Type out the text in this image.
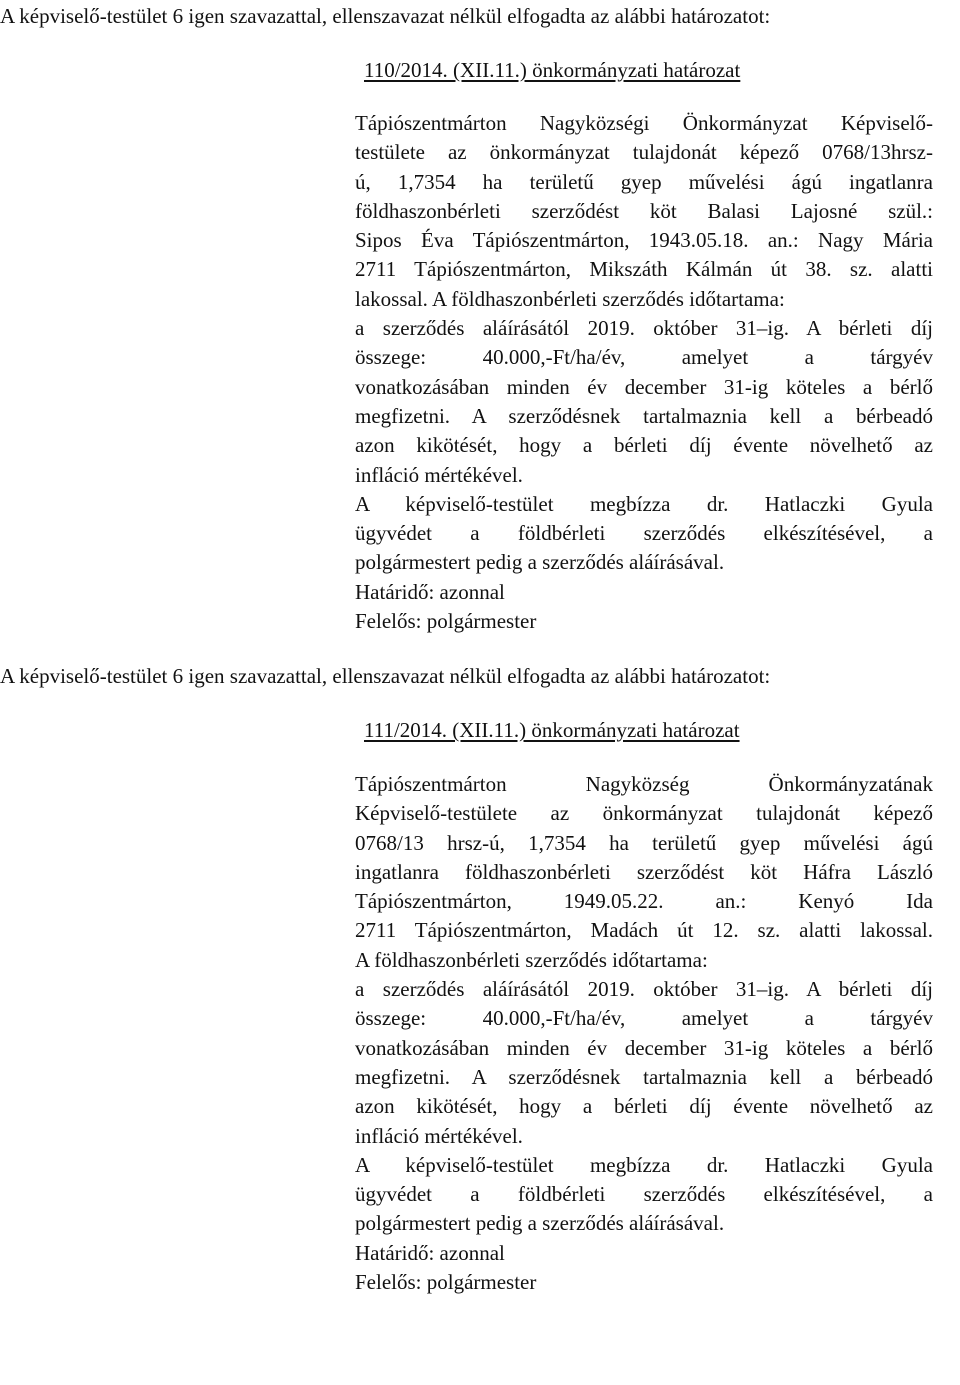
A képviselő-testület 6 igen szavazattal, ellenszavazat nélkül elfogadta az alábbi határozatot:

110/2014. (XII.11.) önkormányzati határozat

Tápiószentmárton Nagyközségi Önkormányzat Képviselő-
testülete az önkormányzat tulajdonát képező 0768/13hrsz-
ú, 1,7354 ha területű gyep művelési ágú ingatlanra
földhaszonbérleti szerződést köt Balasi Lajosné szül.:
Sipos Éva Tápiószentmárton, 1943.05.18. an.: Nagy Mária
2711 Tápiószentmárton, Mikszáth Kálmán út 38. sz. alatti
lakossal. A földhaszonbérleti szerződés időtartama:
a szerződés aláírásától 2019. október 31–ig. A bérleti díj
összege: 40.000,-Ft/ha/év, amelyet a tárgyév
vonatkozásában minden év december 31-ig köteles a bérlő
megfizetni. A szerződésnek tartalmaznia kell a bérbeadó
azon kikötését, hogy a bérleti díj évente növelhető az
infláció mértékével.
A képviselő-testület megbízza dr. Hatlaczki Gyula
ügyvédet a földbérleti szerződés elkészítésével, a
polgármestert pedig a szerződés aláírásával.
Határidő: azonnal
Felelős: polgármester

A képviselő-testület 6 igen szavazattal, ellenszavazat nélkül elfogadta az alábbi határozatot:

111/2014. (XII.11.) önkormányzati határozat

Tápiószentmárton Nagyközség Önkormányzatának
Képviselő-testülete az önkormányzat tulajdonát képező
0768/13 hrsz-ú, 1,7354 ha területű gyep művelési ágú
ingatlanra földhaszonbérleti szerződést köt Háfra László
Tápiószentmárton, 1949.05.22. an.: Kenyó Ida
2711 Tápiószentmárton, Madách út 12. sz. alatti lakossal.
A földhaszonbérleti szerződés időtartama:
a szerződés aláírásától 2019. október 31–ig. A bérleti díj
összege: 40.000,-Ft/ha/év, amelyet a tárgyév
vonatkozásában minden év december 31-ig köteles a bérlő
megfizetni. A szerződésnek tartalmaznia kell a bérbeadó
azon kikötését, hogy a bérleti díj évente növelhető az
infláció mértékével.
A képviselő-testület megbízza dr. Hatlaczki Gyula
ügyvédet a földbérleti szerződés elkészítésével, a
polgármestert pedig a szerződés aláírásával.
Határidő: azonnal
Felelős: polgármester
